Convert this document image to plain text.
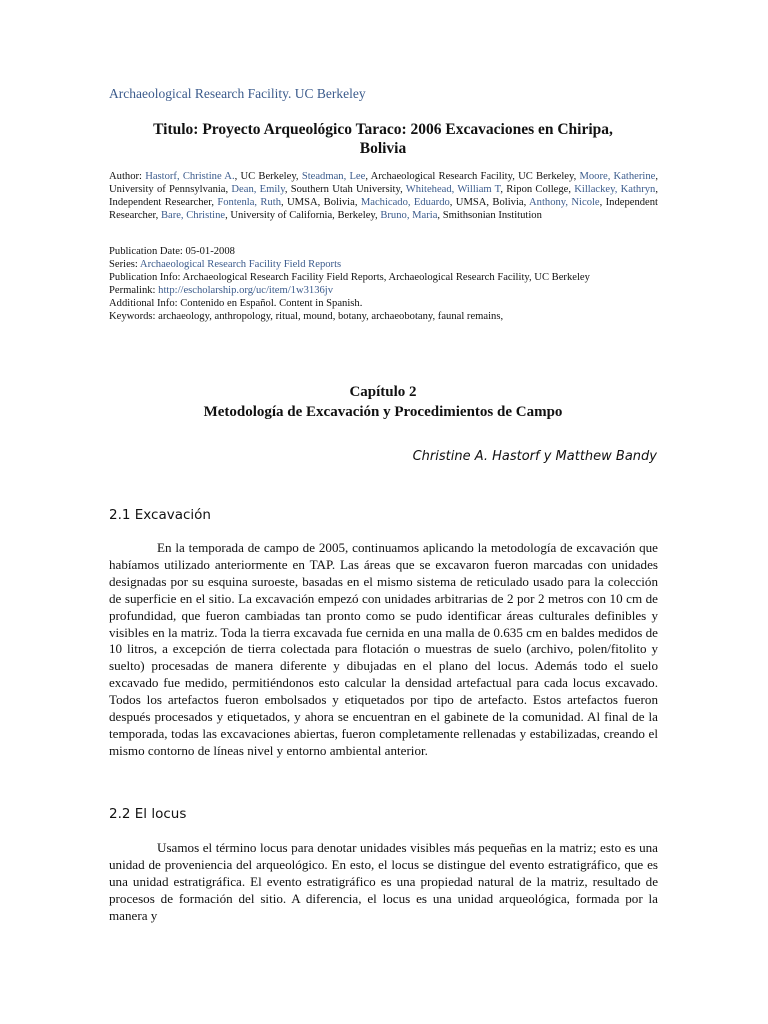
Archaeological Research Facility. UC Berkeley
Titulo: Proyecto Arqueológico Taraco: 2006 Excavaciones en Chiripa,
Bolivia

Author: Hastorf, Christine A., UC Berkeley, Steadman, Lee, Archaeological Research Facility, UC Berkeley, Moore, Katherine, University of Pennsylvania, Dean, Emily, Southern Utah University, Whitehead, William T, Ripon College, Killackey, Kathryn, Independent Researcher, Fontenla, Ruth, UMSA, Bolivia, Machicado, Eduardo, UMSA, Bolivia, Anthony, Nicole, Independent Researcher, Bare, Christine, University of California, Berkeley, Bruno, Maria, Smithsonian Institution

Publication Date: 05-01-2008
Series: Archaeological Research Facility Field Reports
Publication Info: Archaeological Research Facility Field Reports, Archaeological Research Facility, UC Berkeley
Permalink: http://escholarship.org/uc/item/1w3136jv
Additional Info: Contenido en Español. Content in Spanish.
Keywords: archaeology, anthropology, ritual, mound, botany, archaeobotany, faunal remains,
Capítulo 2
Metodología de Excavación y Procedimientos de Campo

Christine A. Hastorf y Matthew Bandy

2.1 Excavación

En la temporada de campo de 2005, continuamos aplicando la metodología de excavación que habíamos utilizado anteriormente en TAP. Las áreas que se excavaron fueron marcadas con unidades designadas por su esquina suroeste, basadas en el mismo sistema de reticulado usado para la colección de superficie en el sitio. La excavación empezó con unidades arbitrarias de 2 por 2 metros con 10 cm de profundidad, que fueron cambiadas tan pronto como se pudo identificar áreas culturales definibles y visibles en la matriz. Toda la tierra excavada fue cernida en una malla de 0.635 cm en baldes medidos de 10 litros, a excepción de tierra colectada para flotación o muestras de suelo (archivo, polen/fitolito y suelto) procesadas de manera diferente y dibujadas en el plano del locus. Además todo el suelo excavado fue medido, permitiéndonos esto calcular la densidad artefactual para cada locus excavado. Todos los artefactos fueron embolsados y etiquetados por tipo de artefacto. Estos artefactos fueron después procesados y etiquetados, y ahora se encuentran en el gabinete de la comunidad. Al final de la temporada, todas las excavaciones abiertas, fueron completamente rellenadas y estabilizadas, creando el mismo contorno de líneas nivel y entorno ambiental anterior.

2.2 El locus

Usamos el término locus para denotar unidades visibles más pequeñas en la matriz; esto es una unidad de proveniencia del arqueológico. En esto, el locus se distingue del evento estratigráfico, que es una unidad estratigráfica. El evento estratigráfico es una propiedad natural de la matriz, resultado de procesos de formación del sitio. A diferencia, el locus es una unidad arqueológica, formada por la manera y
